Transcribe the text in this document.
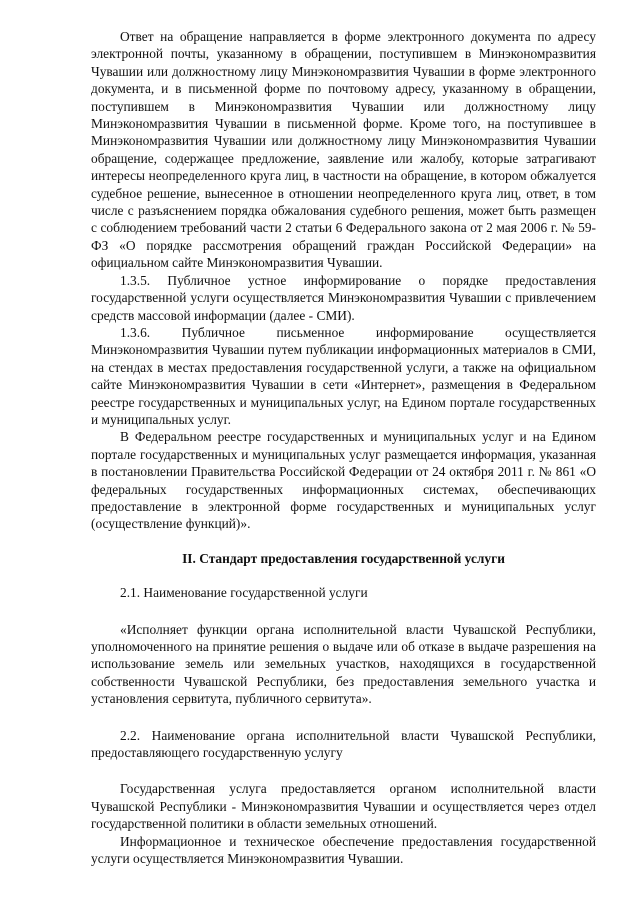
Ответ на обращение направляется в форме электронного документа по адресу электронной почты, указанному в обращении, поступившем в Минэкономразвития Чувашии или должностному лицу Минэкономразвития Чувашии в форме электронного документа, и в письменной форме по почтовому адресу, указанному в обращении, поступившем в Минэкономразвития Чувашии или должностному лицу Минэкономразвития Чувашии в письменной форме. Кроме того, на поступившее в Минэкономразвития Чувашии или должностному лицу Минэкономразвития Чувашии обращение, содержащее предложение, заявление или жалобу, которые затрагивают интересы неопределенного круга лиц, в частности на обращение, в котором обжалуется судебное решение, вынесенное в отношении неопределенного круга лиц, ответ, в том числе с разъяснением порядка обжалования судебного решения, может быть размещен с соблюдением требований части 2 статьи 6 Федерального закона от 2 мая 2006 г. № 59-ФЗ «О порядке рассмотрения обращений граждан Российской Федерации» на официальном сайте Минэкономразвития Чувашии.

1.3.5. Публичное устное информирование о порядке предоставления государственной услуги осуществляется Минэкономразвития Чувашии с привлечением средств массовой информации (далее - СМИ).

1.3.6. Публичное письменное информирование осуществляется Минэкономразвития Чувашии путем публикации информационных материалов в СМИ, на стендах в местах предоставления государственной услуги, а также на официальном сайте Минэкономразвития Чувашии в сети «Интернет», размещения в Федеральном реестре государственных и муниципальных услуг, на Едином портале государственных и муниципальных услуг.

В Федеральном реестре государственных и муниципальных услуг и на Едином портале государственных и муниципальных услуг размещается информация, указанная в постановлении Правительства Российской Федерации от 24 октября 2011 г. № 861 «О федеральных государственных информационных системах, обеспечивающих предоставление в электронной форме государственных и муниципальных услуг (осуществление функций)».

II. Стандарт предоставления государственной услуги

2.1. Наименование государственной услуги

«Исполняет функции органа исполнительной власти Чувашской Республики, уполномоченного на принятие решения о выдаче или об отказе в выдаче разрешения на использование земель или земельных участков, находящихся в государственной собственности Чувашской Республики, без предоставления земельного участка и установления сервитута, публичного сервитута».

2.2. Наименование органа исполнительной власти Чувашской Республики, предоставляющего государственную услугу

Государственная услуга предоставляется органом исполнительной власти Чувашской Республики - Минэкономразвития Чувашии и осуществляется через отдел государственной политики в области земельных отношений.

Информационное и техническое обеспечение предоставления государственной услуги осуществляется Минэкономразвития Чувашии.
